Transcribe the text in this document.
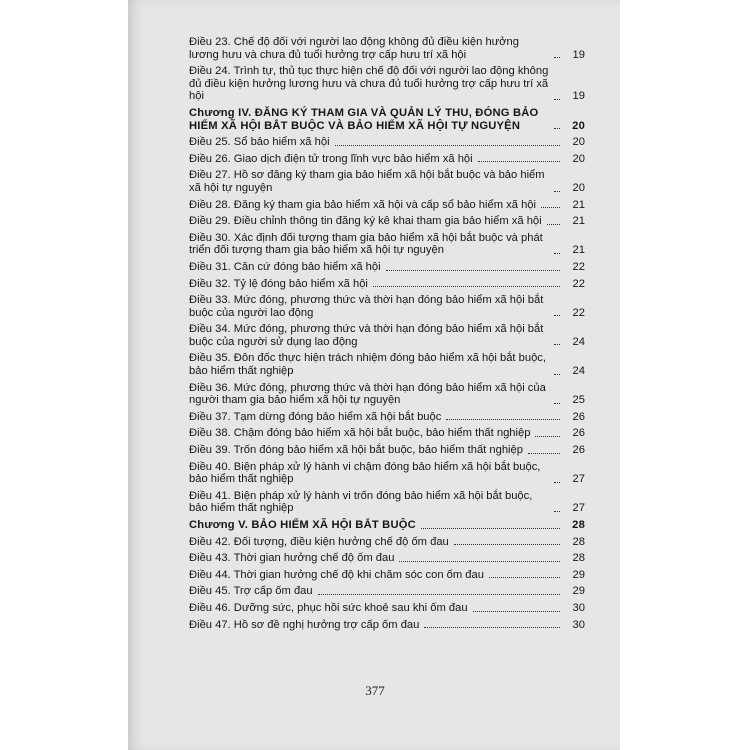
Điều 23. Chế độ đối với người lao động không đủ điều kiện hưởng lương hưu và chưa đủ tuổi hưởng trợ cấp hưu trí xã hội	19
Điều 24. Trình tự, thủ tục thực hiện chế độ đối với người lao động không đủ điều kiện hưởng lương hưu và chưa đủ tuổi hưởng trợ cấp hưu trí xã hội	19
Chương IV. ĐĂNG KÝ THAM GIA VÀ QUẢN LÝ THU, ĐÓNG BẢO HIỂM XÃ HỘI BẮT BUỘC VÀ BẢO HIỂM XÃ HỘI TỰ NGUYỆN	20
Điều 25. Sổ bảo hiểm xã hội	20
Điều 26. Giao dịch điện tử trong lĩnh vực bảo hiểm xã hội	20
Điều 27. Hồ sơ đăng ký tham gia bảo hiểm xã hội bắt buộc và bảo hiểm xã hội tự nguyện	20
Điều 28. Đăng ký tham gia bảo hiểm xã hội và cấp sổ bảo hiểm xã hội	21
Điều 29. Điều chỉnh thông tin đăng ký kê khai tham gia bảo hiểm xã hội	21
Điều 30. Xác định đối tượng tham gia bảo hiểm xã hội bắt buộc và phát triển đối tượng tham gia bảo hiểm xã hội tự nguyện	21
Điều 31. Căn cứ đóng bảo hiểm xã hội	22
Điều 32. Tỷ lệ đóng bảo hiểm xã hội	22
Điều 33. Mức đóng, phương thức và thời hạn đóng bảo hiểm xã hội bắt buộc của người lao động	22
Điều 34. Mức đóng, phương thức và thời hạn đóng bảo hiểm xã hội bắt buộc của người sử dụng lao động	24
Điều 35. Đôn đốc thực hiện trách nhiệm đóng bảo hiểm xã hội bắt buộc, bảo hiểm thất nghiệp	24
Điều 36. Mức đóng, phương thức và thời hạn đóng bảo hiểm xã hội của người tham gia bảo hiểm xã hội tự nguyện	25
Điều 37. Tạm dừng đóng bảo hiểm xã hội bắt buộc	26
Điều 38. Chậm đóng bảo hiểm xã hội bắt buộc, bảo hiểm thất nghiệp	26
Điều 39. Trốn đóng bảo hiểm xã hội bắt buộc, bảo hiểm thất nghiệp	26
Điều 40. Biện pháp xử lý hành vi chậm đóng bảo hiểm xã hội bắt buộc, bảo hiểm thất nghiệp	27
Điều 41. Biện pháp xử lý hành vi trốn đóng bảo hiểm xã hội bắt buộc, bảo hiểm thất nghiệp	27
Chương V. BẢO HIỂM XÃ HỘI BẮT BUỘC	28
Điều 42. Đối tượng, điều kiện hưởng chế độ ốm đau	28
Điều 43. Thời gian hưởng chế độ ốm đau	28
Điều 44. Thời gian hưởng chế độ khi chăm sóc con ốm đau	29
Điều 45. Trợ cấp ốm đau	29
Điều 46. Dưỡng sức, phục hồi sức khoẻ sau khi ốm đau	30
Điều 47. Hồ sơ đề nghị hưởng trợ cấp ốm đau	30
377
